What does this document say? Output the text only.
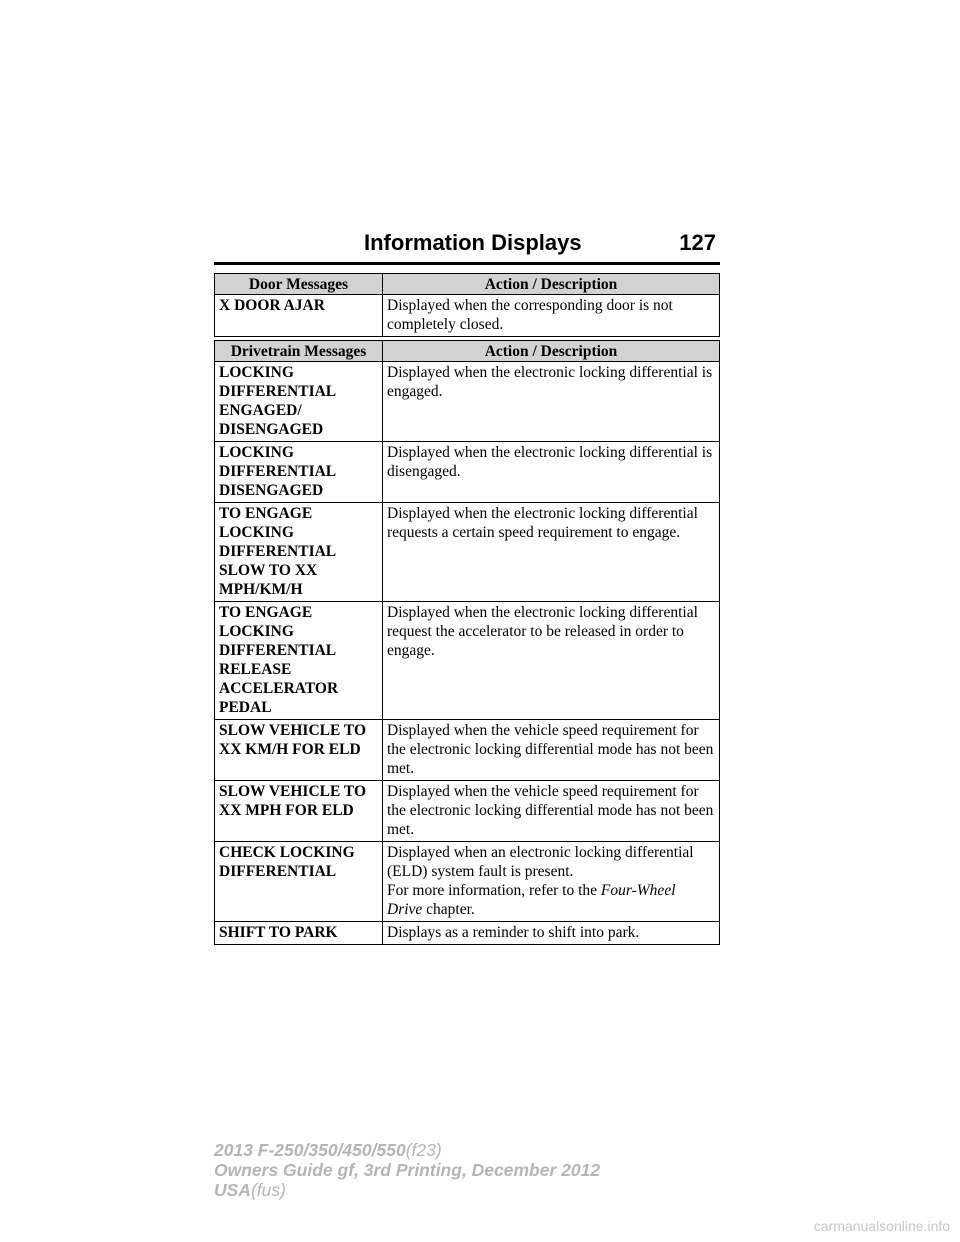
Information Displays	127
Door Messages	Action / Description
X DOOR AJAR	Displayed when the corresponding door is not completely closed.
Drivetrain Messages	Action / Description
LOCKING DIFFERENTIAL ENGAGED/ DISENGAGED	Displayed when the electronic locking differential is engaged.
LOCKING DIFFERENTIAL DISENGAGED	Displayed when the electronic locking differential is disengaged.
TO ENGAGE LOCKING DIFFERENTIAL SLOW TO XX MPH/KM/H	Displayed when the electronic locking differential requests a certain speed requirement to engage.
TO ENGAGE LOCKING DIFFERENTIAL RELEASE ACCELERATOR PEDAL	Displayed when the electronic locking differential request the accelerator to be released in order to engage.
SLOW VEHICLE TO XX KM/H FOR ELD	Displayed when the vehicle speed requirement for the electronic locking differential mode has not been met.
SLOW VEHICLE TO XX MPH FOR ELD	Displayed when the vehicle speed requirement for the electronic locking differential mode has not been met.
CHECK LOCKING DIFFERENTIAL	Displayed when an electronic locking differential (ELD) system fault is present.
For more information, refer to the Four-Wheel Drive chapter.

SHIFT TO PARK	Displays as a reminder to shift into park.
2013 F-250/350/450/550(f23)
Owners Guide gf, 3rd Printing, December 2012
USA(fus)
carmanualsonline.info
